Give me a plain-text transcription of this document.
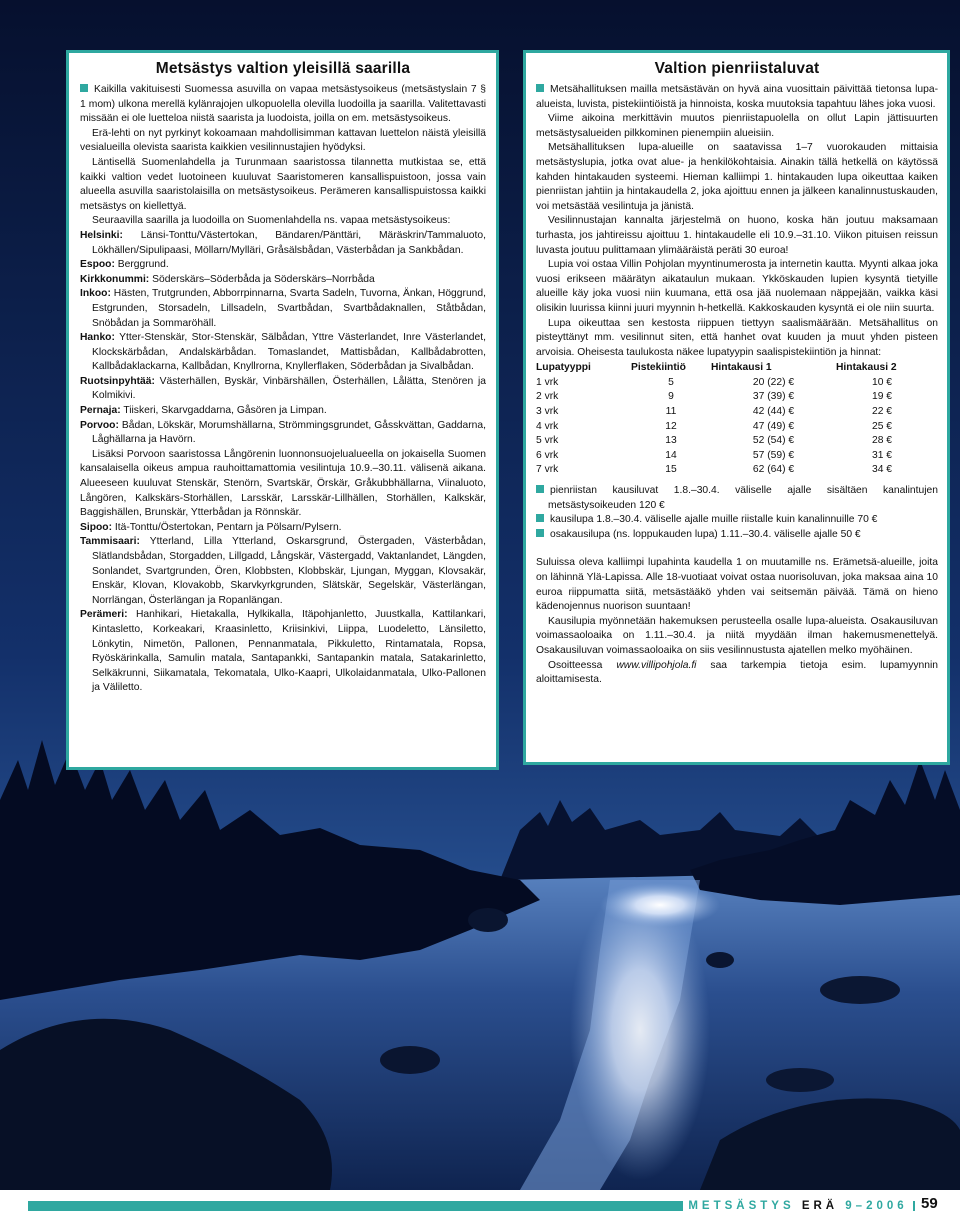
Metsästys valtion yleisillä saarilla

Kaikilla vakituisesti Suomessa asuvilla on vapaa metsästysoikeus (metsästyslain 7 § 1 mom) ulkona merellä kylänrajojen ulkopuolella olevilla luodoilla ja saarilla. Valitettavasti missään ei ole luetteloa niistä saarista ja luodoista, joilla on em. metsästysoikeus.

Erä-lehti on nyt pyrkinyt kokoamaan mahdollisimman kattavan luettelon näistä yleisillä vesialueilla olevista saarista kaikkien vesilinnustajien hyödyksi.

Läntisellä Suomenlahdella ja Turunmaan saaristossa tilannetta mutkistaa se, että kaikki valtion vedet luotoineen kuuluvat Saaristomeren kansallispuistoon, jossa vain alueella asuvilla saaristolaisilla on metsästysoikeus. Perämeren kansallispuistossa kaikki metsästys on kiellettyä.

Seuraavilla saarilla ja luodoilla on Suomenlahdella ns. vapaa metsästysoikeus:

Helsinki: Länsi-Tonttu/Västertokan, Bändaren/Pänttäri, Märäskrin/Tammaluoto, Lökhällen/Sipulipaasi, Möllarn/Mylläri, Gråsälsbådan, Västerbådan ja Sankbådan.

Espoo: Berggrund.

Kirkkonummi: Söderskärs–Söderbåda ja Söderskärs–Norrbåda

Inkoo: Hästen, Trutgrunden, Abborrpinnarna, Svarta Sadeln, Tuvorna, Änkan, Höggrund, Estgrunden, Storsadeln, Lillsadeln, Svartbådan, Svartbådaknallen, Ståtbådan, Snöbådan ja Sommaröhäll.

Hanko: Ytter-Stenskär, Stor-Stenskär, Sälbådan, Yttre Västerlandet, Inre Västerlandet, Klockskärbådan, Andalskärbådan. Tomaslandet, Mattisbådan, Kallbådabrotten, Kallbådaklackarna, Kallbådan, Knyllrorna, Knyllerflaken, Söderbådan ja Sivalbådan.

Ruotsinpyhtää: Västerhällen, Byskär, Vinbärshällen, Österhällen, Lålätta, Stenören ja Kolmikivi.

Pernaja: Tiiskeri, Skarvgaddarna, Gåsören ja Limpan.

Porvoo: Bådan, Lökskär, Morumshällarna, Strömmingsgrundet, Gåsskvättan, Gaddarna, Låghällarna ja Havörn.

Lisäksi Porvoon saaristossa Långörenin luonnonsuojelualueella on jokaisella Suomen kansalaisella oikeus ampua rauhoittamattomia vesilintuja 10.9.–30.11. välisenä aikana. Alueeseen kuuluvat Stenskär, Stenörn, Svartskär, Örskär, Gråkubbhällarna, Viinaluoto, Långören, Kalkskärs-Storhällen, Larsskär, Larsskär-Lillhällen, Storhällen, Kalkskär, Baggishällen, Brunskär, Ytterbådan ja Rönnskär.

Sipoo: Itä-Tonttu/Östertokan, Pentarn ja Pölsarn/Pylsern.

Tammisaari: Ytterland, Lilla Ytterland, Oskarsgrund, Östergaden, Västerbådan, Slätlandsbådan, Storgadden, Lillgadd, Långskär, Västergadd, Vaktanlandet, Längden, Sonlandet, Svartgrunden, Ören, Klobbsten, Klobbskär, Ljungan, Myggan, Klovsakär, Enskär, Klovan, Klovakobb, Skarvkyrkgrunden, Slätskär, Segelskär, Västerlängan, Norrlängan, Österlängan ja Ropanlängan.

Perämeri: Hanhikari, Hietakalla, Hylkikalla, Itäpohjanletto, Juustkalla, Kattilankari, Kintasletto, Korkeakari, Kraasinletto, Kriisinkivi, Liippa, Luodeletto, Länsiletto, Lönkytin, Nimetön, Pallonen, Pennanmatala, Pikkuletto, Rintamatala, Ropsa, Ryöskärinkalla, Samulin matala, Santapankki, Santapankin matala, Satakarinletto, Selkäkrunni, Siikamatala, Tekomatala, Ulko-Kaapri, Ulkolaidanmatala, Ulko-Pallonen ja Väliletto.

Valtion pienriistaluvat

Metsähallituksen mailla metsästävän on hyvä aina vuosittain päivittää tietonsa lupa-alueista, luvista, pistekiintiöistä ja hinnoista, koska muutoksia tapahtuu lähes joka vuosi.

Viime aikoina merkittävin muutos pienriistapuolella on ollut Lapin jättisuurten metsästysalueiden pilkkominen pienempiin alueisiin.

Metsähallituksen lupa-alueille on saatavissa 1–7 vuorokauden mittaisia metsästyslupia, jotka ovat alue- ja henkilökohtaisia. Ainakin tällä hetkellä on käytössä kahden hintakauden systeemi. Hieman kalliimpi 1. hintakauden lupa oikeuttaa kaiken pienriistan jahtiin ja hintakaudella 2, joka ajoittuu ennen ja jälkeen kanalinnustuskauden, voi metsästää vesilintuja ja jänistä.

Vesilinnustajan kannalta järjestelmä on huono, koska hän joutuu maksamaan turhasta, jos jahtireissu ajoittuu 1. hintakaudelle eli 10.9.–31.10. Viikon pituisen reissun luvasta joutuu pulittamaan ylimääräistä peräti 30 euroa!

Lupia voi ostaa Villin Pohjolan myyntinumerosta ja internetin kautta. Myynti alkaa joka vuosi erikseen määrätyn aikataulun mukaan. Ykköskauden lupien kysyntä tietyille alueille käy joka vuosi niin kuumana, että osa jää nuolemaan näppejään, vaikka käsi olisikin luurissa kiinni juuri myynnin h-hetkellä. Kakkoskauden kysyntä ei ole niin suurta.

Lupa oikeuttaa sen kestosta riippuen tiettyyn saalismäärään. Metsähallitus on pisteyttänyt mm. vesilinnut siten, että hanhet ovat kuuden ja muut yhden pisteen arvoisia. Oheisesta taulukosta näkee lupatyypin saalispistekiintiön ja hinnat:

Lupatyyppi	Pistekiintiö	Hintakausi 1	Hintakausi 2
1 vrk	5	20 (22) €	10 €
2 vrk	9	37 (39) €	19 €
3 vrk	11	42 (44) €	22 €
4 vrk	12	47 (49) €	25 €
5 vrk	13	52 (54) €	28 €
6 vrk	14	57 (59) €	31 €
7 vrk	15	62 (64) €	34 €

pienriistan kausiluvat 1.8.–30.4. väliselle ajalle sisältäen kanalintujen metsästysoikeuden 120 €

kausilupa 1.8.–30.4. väliselle ajalle muille riistalle kuin kanalinnuille 70 €

osakausilupa (ns. loppukauden lupa) 1.11.–30.4. väliselle ajalle 50 €

Suluissa oleva kalliimpi lupahinta kaudella 1 on muutamille ns. Erämetsä-alueille, joita on lähinnä Ylä-Lapissa. Alle 18-vuotiaat voivat ostaa nuorisoluvan, joka maksaa aina 10 euroa riippumatta siitä, metsästääkö yhden vai seitsemän päivää. Tämä on hieno kädenojennus nuorison suuntaan!

Kausilupia myönnetään hakemuksen perusteella osalle lupa-alueista. Osakausiluvan voimassaoloaika on 1.11.–30.4. ja niitä myydään ilman hakemusmenettelyä. Osakausiluvan voimassaoloaika on siis vesilinnustusta ajatellen melko myöhäinen.

Osoitteessa www.villipohjola.fi saa tarkempia tietoja esim. lupamyynnin aloittamisesta.

METSÄSTYS ERÄ 9–2006 59
